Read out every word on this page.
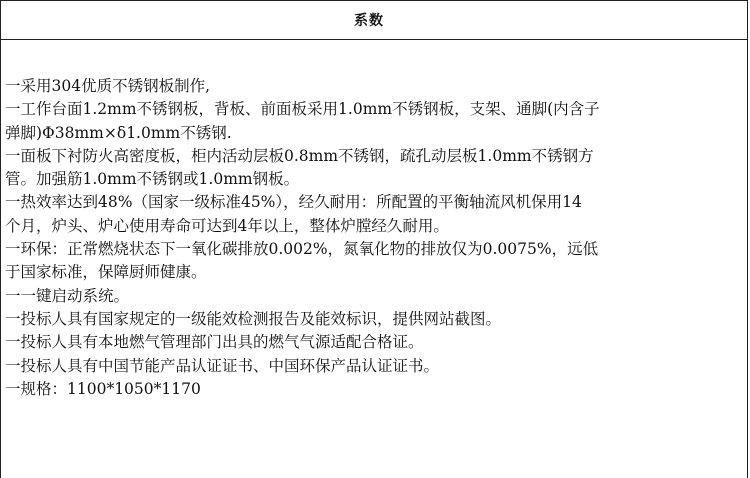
系数
一采用304优质不锈钢板制作,
一工作台面1.2mm不锈钢板，背板、前面板采用1.0mm不锈钢板，支架、通脚(内含子
弹脚)Φ38mm×δ1.0mm不锈钢.
一面板下衬防火高密度板，柜内活动层板0.8mm不锈钢，疏孔动层板1.0mm不锈钢方
管。加强筋1.0mm不锈钢或1.0mm钢板。
一热效率达到48%（国家一级标准45%），经久耐用：所配置的平衡轴流风机保用14
个月，炉头、炉心使用寿命可达到4年以上，整体炉膛经久耐用。
一环保：正常燃烧状态下一氧化碳排放0.002%，氮氧化物的排放仅为0.0075%，远低
于国家标准，保障厨师健康。
一一键启动系统。
一投标人具有国家规定的一级能效检测报告及能效标识，提供网站截图。
一投标人具有本地燃气管理部门出具的燃气气源适配合格证。
一投标人具有中国节能产品认证证书、中国环保产品认证证书。
一规格：1100*1050*1170
